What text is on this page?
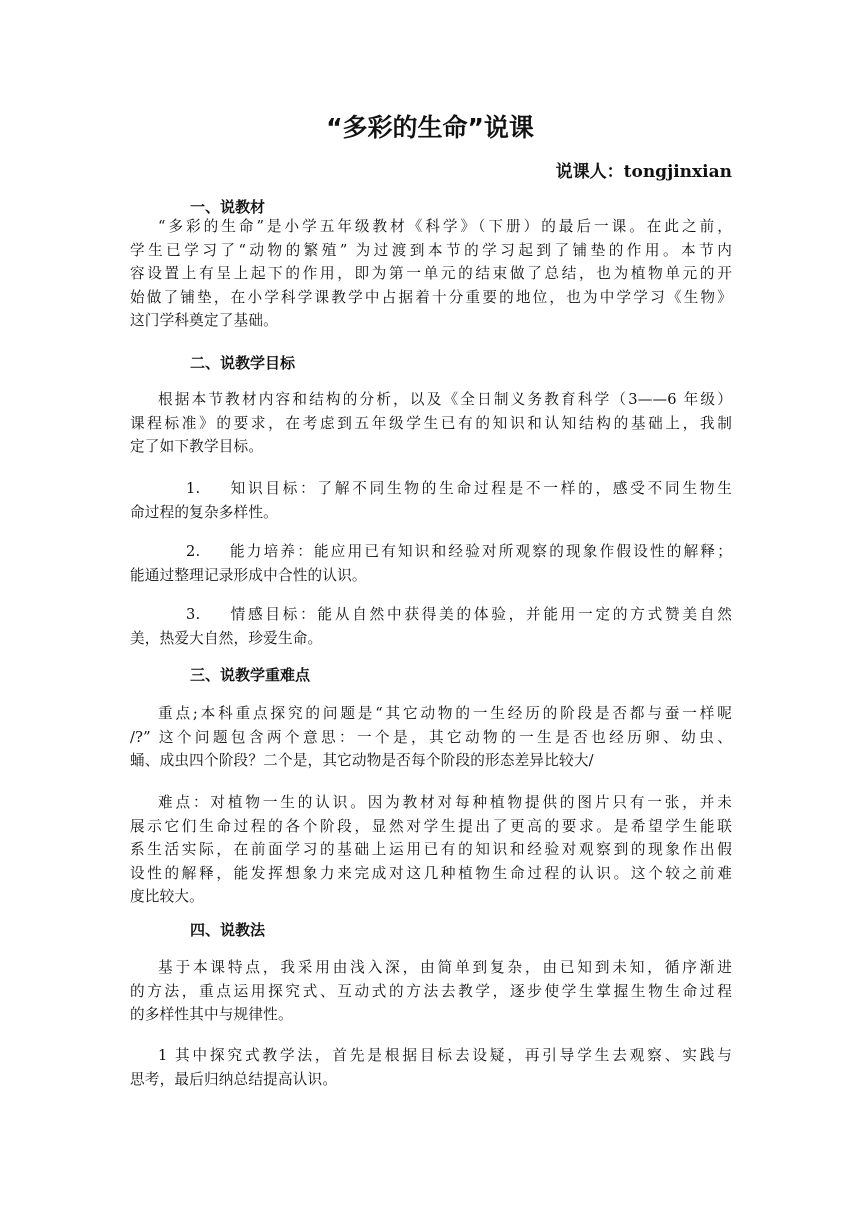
“多彩的生命”说课
说课人：tongjinxian
一、说教材
“多彩的生命”是小学五年级教材《科学》（下册）的最后一课。在此之前，
学生已学习了“动物的繁殖” 为过渡到本节的学习起到了铺垫的作用。本节内
容设置上有呈上起下的作用，即为第一单元的结束做了总结，也为植物单元的开
始做了铺垫，在小学科学课教学中占据着十分重要的地位，也为中学学习《生物》
这门学科奠定了基础。
二、说教学目标
根据本节教材内容和结构的分析，以及《全日制义务教育科学（3——6 年级）
课程标准》的要求，在考虑到五年级学生已有的知识和认知结构的基础上，我制
定了如下教学目标。
1. 知识目标：了解不同生物的生命过程是不一样的，感受不同生物生
命过程的复杂多样性。
2. 能力培养：能应用已有知识和经验对所观察的现象作假设性的解释；
能通过整理记录形成中合性的认识。
3. 情感目标：能从自然中获得美的体验，并能用一定的方式赞美自然
美，热爱大自然，珍爱生命。
三、说教学重难点
重点;本科重点探究的问题是“其它动物的一生经历的阶段是否都与蚕一样呢
/?” 这个问题包含两个意思：一个是，其它动物的一生是否也经历卵、幼虫、
蛹、成虫四个阶段？二个是，其它动物是否每个阶段的形态差异比较大/
难点：对植物一生的认识。因为教材对每种植物提供的图片只有一张，并未
展示它们生命过程的各个阶段，显然对学生提出了更高的要求。是希望学生能联
系生活实际，在前面学习的基础上运用已有的知识和经验对观察到的现象作出假
设性的解释，能发挥想象力来完成对这几种植物生命过程的认识。这个较之前难
度比较大。
四、说教法
基于本课特点，我采用由浅入深，由简单到复杂，由已知到未知，循序渐进
的方法，重点运用探究式、互动式的方法去教学，逐步使学生掌握生物生命过程
的多样性其中与规律性。
1 其中探究式教学法，首先是根据目标去设疑，再引导学生去观察、实践与
思考，最后归纳总结提高认识。
